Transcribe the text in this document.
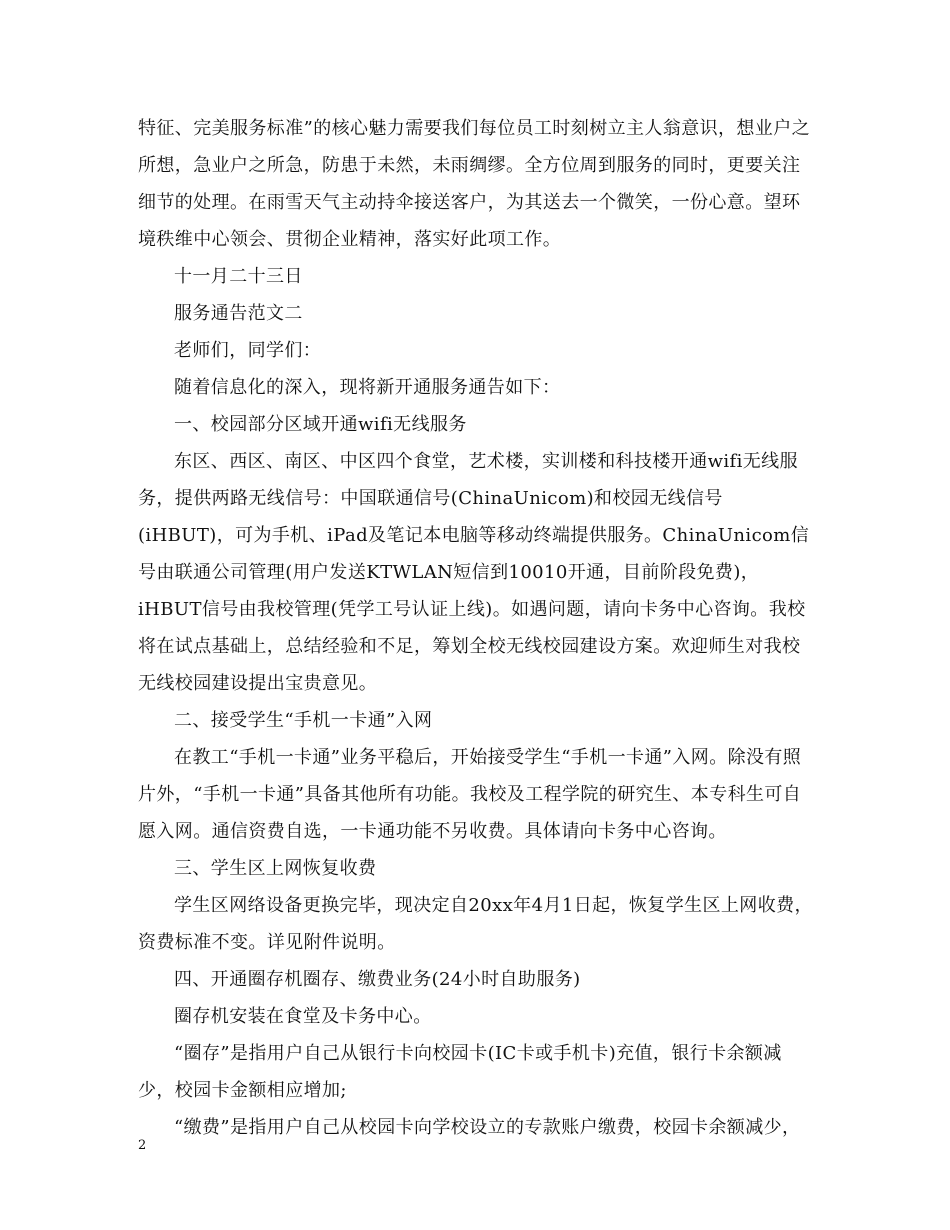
特征、完美服务标准”的核心魅力需要我们每位员工时刻树立主人翁意识，想业户之所想，急业户之所急，防患于未然，未雨绸缪。全方位周到服务的同时，更要关注细节的处理。在雨雪天气主动持伞接送客户，为其送去一个微笑，一份心意。望环境秩维中心领会、贯彻企业精神，落实好此项工作。

十一月二十三日

服务通告范文二

老师们，同学们：

随着信息化的深入，现将新开通服务通告如下：

一、校园部分区域开通wifi无线服务

东区、西区、南区、中区四个食堂，艺术楼，实训楼和科技楼开通wifi无线服务，提供两路无线信号：中国联通信号(ChinaUnicom)和校园无线信号(iHBUT)，可为手机、iPad及笔记本电脑等移动终端提供服务。ChinaUnicom信号由联通公司管理(用户发送KTWLAN短信到10010开通，目前阶段免费)，iHBUT信号由我校管理(凭学工号认证上线)。如遇问题，请向卡务中心咨询。我校将在试点基础上，总结经验和不足，筹划全校无线校园建设方案。欢迎师生对我校无线校园建设提出宝贵意见。

二、接受学生“手机一卡通”入网

在教工“手机一卡通”业务平稳后，开始接受学生“手机一卡通”入网。除没有照片外，“手机一卡通”具备其他所有功能。我校及工程学院的研究生、本专科生可自愿入网。通信资费自选，一卡通功能不另收费。具体请向卡务中心咨询。

三、学生区上网恢复收费

学生区网络设备更换完毕，现决定自20xx年4月1日起，恢复学生区上网收费，资费标准不变。详见附件说明。

四、开通圈存机圈存、缴费业务(24小时自助服务)

圈存机安装在食堂及卡务中心。

“圈存”是指用户自己从银行卡向校园卡(IC卡或手机卡)充值，银行卡余额减少，校园卡金额相应增加;

“缴费”是指用户自己从校园卡向学校设立的专款账户缴费，校园卡余额减少，

2
